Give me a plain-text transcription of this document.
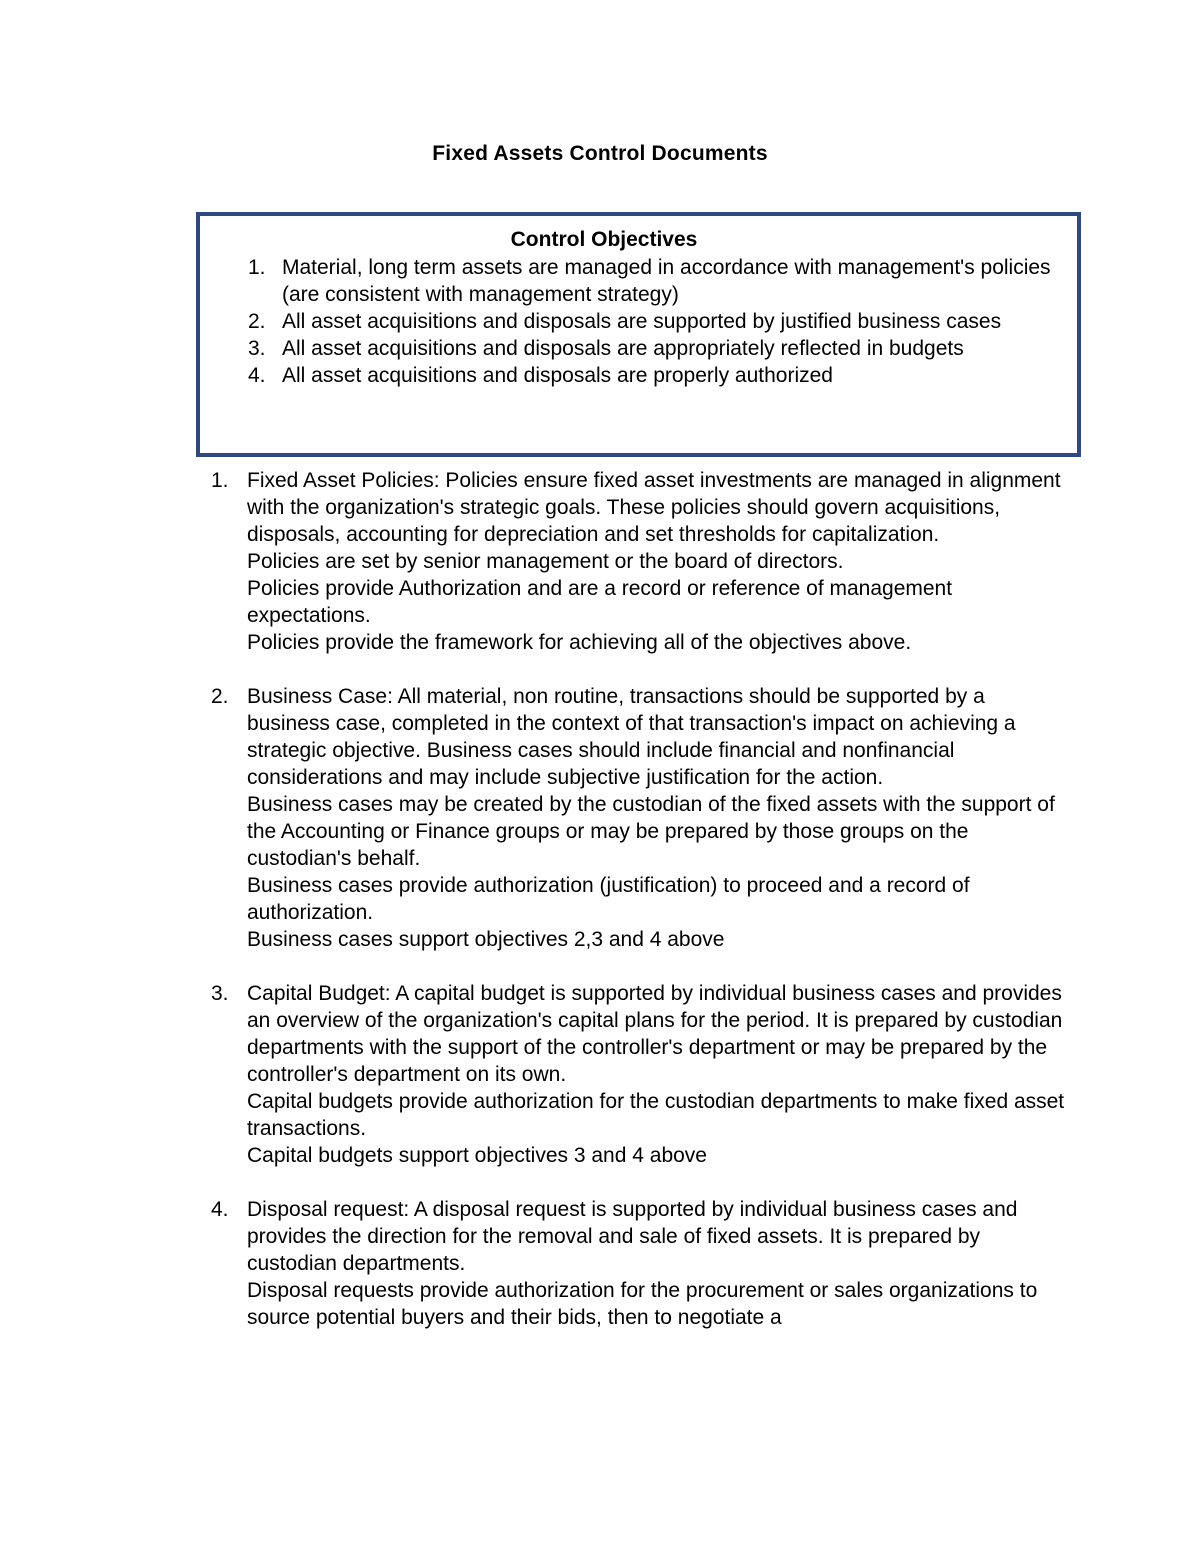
Fixed Assets Control Documents
Control Objectives
1. Material, long term assets are managed in accordance with management's policies (are consistent with management strategy)
2. All asset acquisitions and disposals are supported by justified business cases
3. All asset acquisitions and disposals are appropriately reflected in budgets
4. All asset acquisitions and disposals are properly authorized
1. Fixed Asset Policies: Policies ensure fixed asset investments are managed in alignment with the organization's strategic goals. These policies should govern acquisitions, disposals, accounting for depreciation and set thresholds for capitalization.
Policies are set by senior management or the board of directors.
Policies provide Authorization and are a record or reference of management expectations.
Policies provide the framework for achieving all of the objectives above.
2. Business Case: All material, non routine, transactions should be supported by a business case, completed in the context of that transaction's impact on achieving a strategic objective. Business cases should include financial and nonfinancial considerations and may include subjective justification for the action.
Business cases may be created by the custodian of the fixed assets with the support of the Accounting or Finance groups or may be prepared by those groups on the custodian's behalf.
Business cases provide authorization (justification) to proceed and a record of authorization.
Business cases support objectives 2,3 and 4 above
3. Capital Budget: A capital budget is supported by individual business cases and provides an overview of the organization's capital plans for the period. It is prepared by custodian departments with the support of the controller's department or may be prepared by the controller's department on its own.
Capital budgets provide authorization for the custodian departments to make fixed asset transactions.
Capital budgets support objectives 3 and 4 above
4. Disposal request: A disposal request is supported by individual business cases and provides the direction for the removal and sale of fixed assets. It is prepared by custodian departments.
Disposal requests provide authorization for the procurement or sales organizations to source potential buyers and their bids, then to negotiate a
